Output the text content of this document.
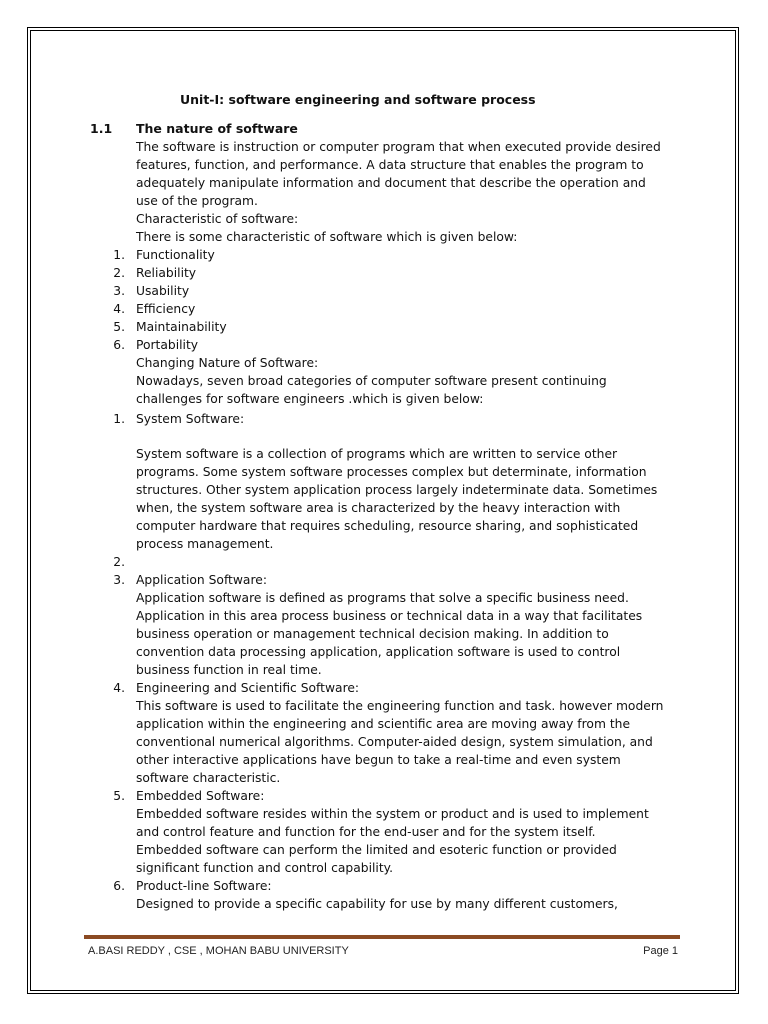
Unit-I: software engineering and software process
1.1 The nature of software
The software is instruction or computer program that when executed provide desired
features, function, and performance. A data structure that enables the program to
adequately manipulate information and document that describe the operation and
use of the program.
Characteristic of software:
There is some characteristic of software which is given below:
1. Functionality
2. Reliability
3. Usability
4. Efficiency
5. Maintainability
6. Portability
Changing Nature of Software:
Nowadays, seven broad categories of computer software present continuing
challenges for software engineers .which is given below:
1. System Software:
System software is a collection of programs which are written to service other
programs. Some system software processes complex but determinate, information
structures. Other system application process largely indeterminate data. Sometimes
when, the system software area is characterized by the heavy interaction with
computer hardware that requires scheduling, resource sharing, and sophisticated
process management.
2.
3. Application Software:
Application software is defined as programs that solve a specific business need.
Application in this area process business or technical data in a way that facilitates
business operation or management technical decision making. In addition to
convention data processing application, application software is used to control
business function in real time.
4. Engineering and Scientific Software:
This software is used to facilitate the engineering function and task. however modern
application within the engineering and scientific area are moving away from the
conventional numerical algorithms. Computer-aided design, system simulation, and
other interactive applications have begun to take a real-time and even system
software characteristic.
5. Embedded Software:
Embedded software resides within the system or product and is used to implement
and control feature and function for the end-user and for the system itself.
Embedded software can perform the limited and esoteric function or provided
significant function and control capability.
6. Product-line Software:
Designed to provide a specific capability for use by many different customers,
A.BASI REDDY , CSE , MOHAN BABU UNIVERSITY	Page 1
